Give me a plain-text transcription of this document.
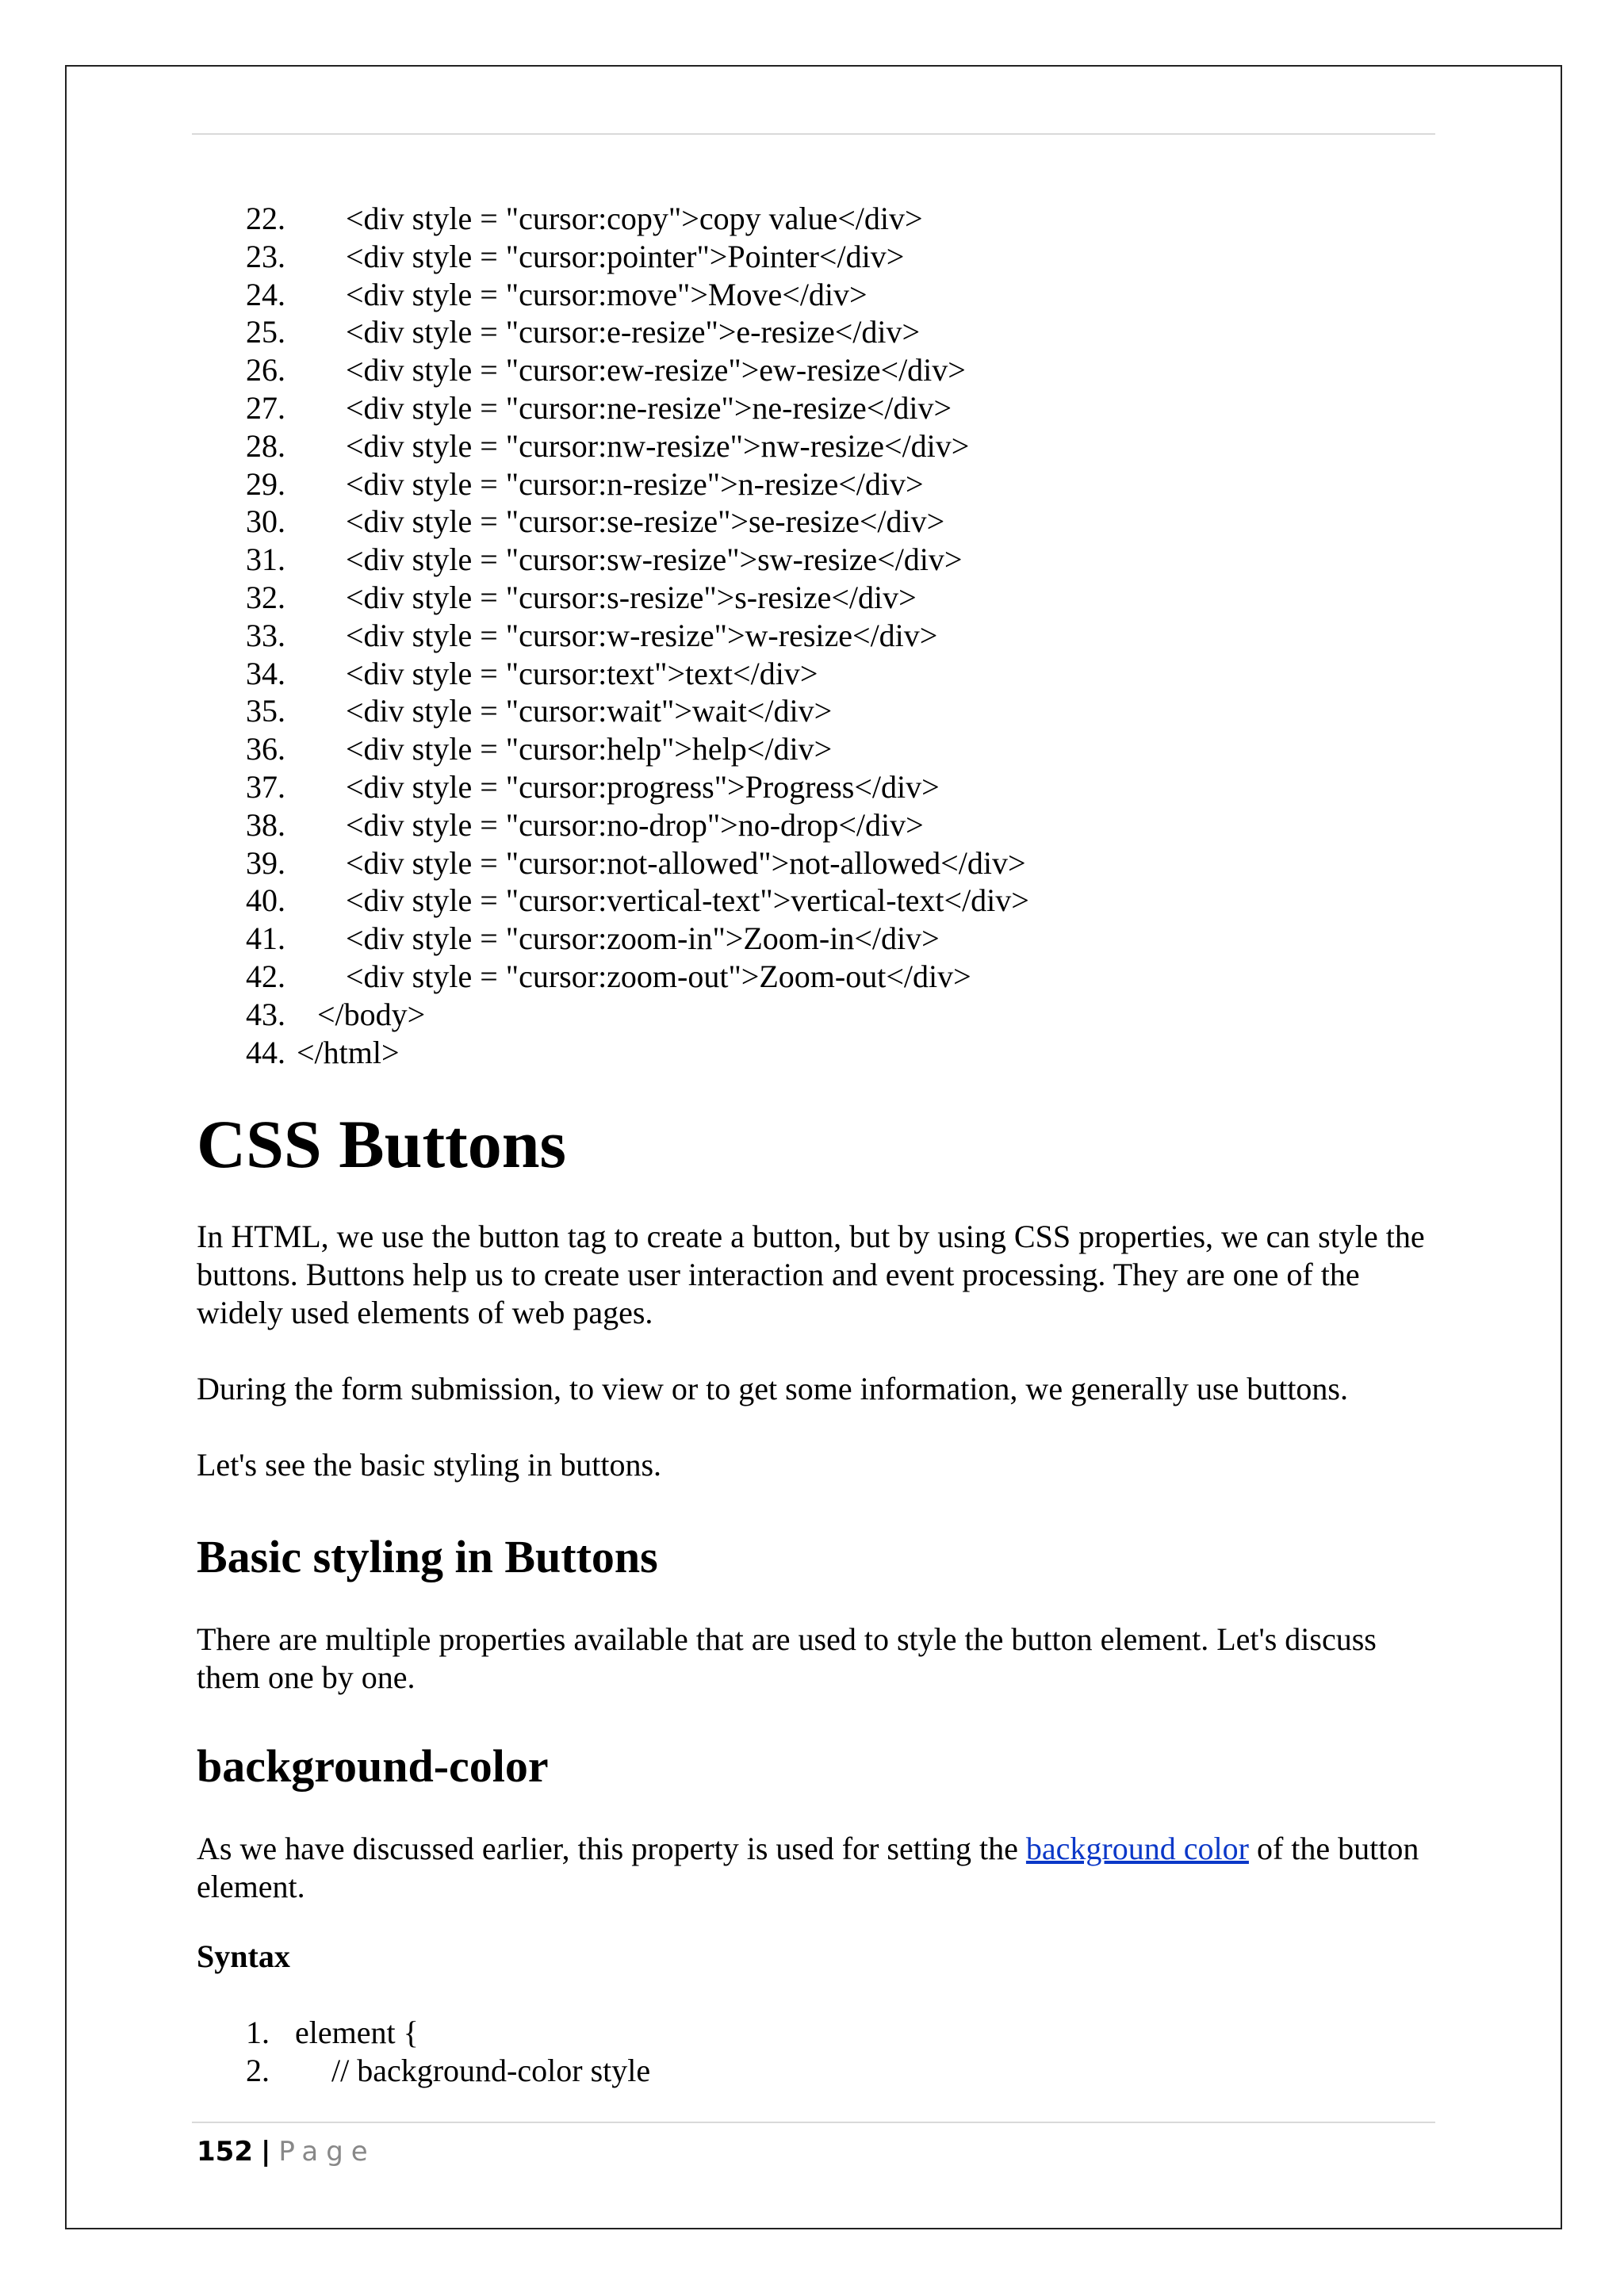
22. <div style = "cursor:copy">copy value</div>
23. <div style = "cursor:pointer">Pointer</div>
24. <div style = "cursor:move">Move</div>
25. <div style = "cursor:e-resize">e-resize</div>
26. <div style = "cursor:ew-resize">ew-resize</div>
27. <div style = "cursor:ne-resize">ne-resize</div>
28. <div style = "cursor:nw-resize">nw-resize</div>
29. <div style = "cursor:n-resize">n-resize</div>
30. <div style = "cursor:se-resize">se-resize</div>
31. <div style = "cursor:sw-resize">sw-resize</div>
32. <div style = "cursor:s-resize">s-resize</div>
33. <div style = "cursor:w-resize">w-resize</div>
34. <div style = "cursor:text">text</div>
35. <div style = "cursor:wait">wait</div>
36. <div style = "cursor:help">help</div>
37. <div style = "cursor:progress">Progress</div>
38. <div style = "cursor:no-drop">no-drop</div>
39. <div style = "cursor:not-allowed">not-allowed</div>
40. <div style = "cursor:vertical-text">vertical-text</div>
41. <div style = "cursor:zoom-in">Zoom-in</div>
42. <div style = "cursor:zoom-out">Zoom-out</div>
43. </body>
44. </html>
CSS Buttons

In HTML, we use the button tag to create a button, but by using CSS properties, we can style the buttons. Buttons help us to create user interaction and event processing. They are one of the widely used elements of web pages.

During the form submission, to view or to get some information, we generally use buttons.

Let's see the basic styling in buttons.

Basic styling in Buttons

There are multiple properties available that are used to style the button element. Let's discuss them one by one.

background-color

As we have discussed earlier, this property is used for setting the background color of the button element.

Syntax

1. element {
2. // background-color style
152 | Page
